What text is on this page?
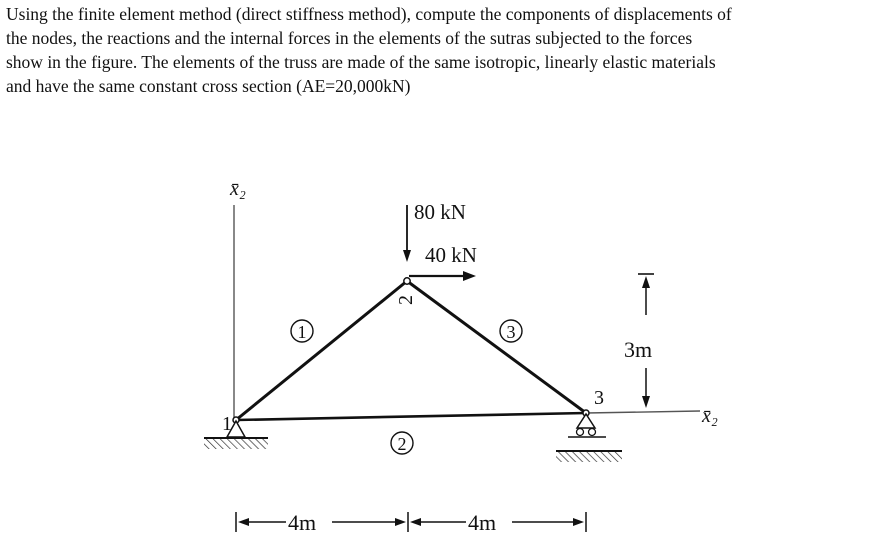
Using the finite element method (direct stiffness method), compute the components of displacements of
the nodes, the reactions and the internal forces in the elements of the sutras subjected to the forces
show in the figure. The elements of the truss are made of the same isotropic, linearly elastic materials
and have the same constant cross section (AE=20,000kN)
x̄₂
x̄₂
1
2
3
1
2
3
80 kN
40 kN
3m
4m	4m
